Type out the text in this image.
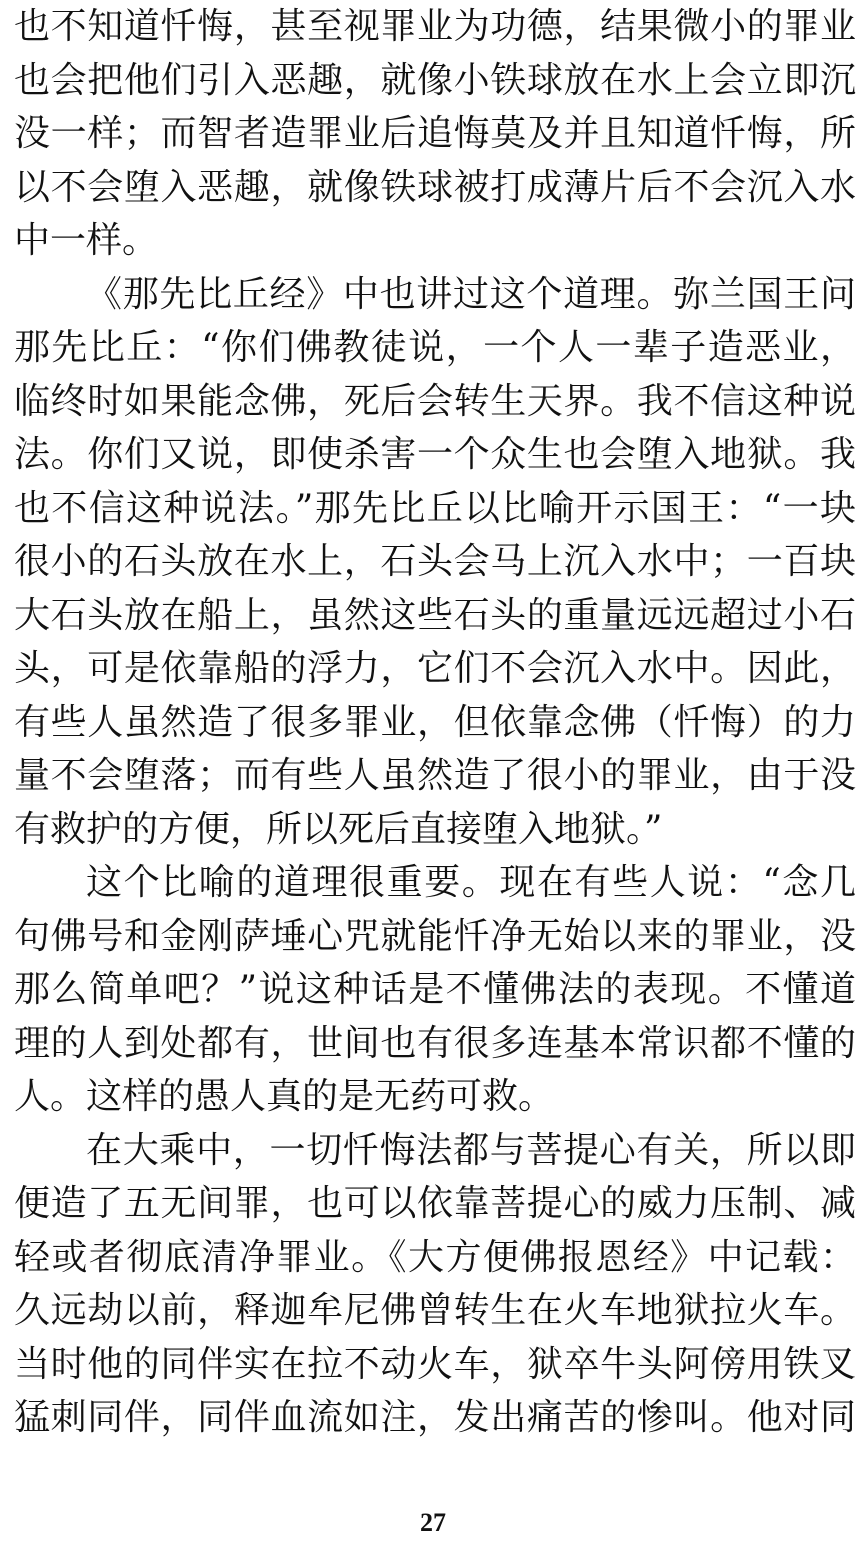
也不知道忏悔，甚至视罪业为功德，结果微小的罪业
也会把他们引入恶趣，就像小铁球放在水上会立即沉
没一样；而智者造罪业后追悔莫及并且知道忏悔，所
以不会堕入恶趣，就像铁球被打成薄片后不会沉入水
中一样。
《那先比丘经》中也讲过这个道理。弥兰国王问
那先比丘：“你们佛教徒说，一个人一辈子造恶业，
临终时如果能念佛，死后会转生天界。我不信这种说
法。你们又说，即使杀害一个众生也会堕入地狱。我
也不信这种说法。”那先比丘以比喻开示国王：“一块
很小的石头放在水上，石头会马上沉入水中；一百块
大石头放在船上，虽然这些石头的重量远远超过小石
头，可是依靠船的浮力，它们不会沉入水中。因此，
有些人虽然造了很多罪业，但依靠念佛（忏悔）的力
量不会堕落；而有些人虽然造了很小的罪业，由于没
有救护的方便，所以死后直接堕入地狱。”
这个比喻的道理很重要。现在有些人说：“念几
句佛号和金刚萨埵心咒就能忏净无始以来的罪业，没
那么简单吧？”说这种话是不懂佛法的表现。不懂道
理的人到处都有，世间也有很多连基本常识都不懂的
人。这样的愚人真的是无药可救。
在大乘中，一切忏悔法都与菩提心有关，所以即
便造了五无间罪，也可以依靠菩提心的威力压制、减
轻或者彻底清净罪业。《大方便佛报恩经》中记载：
久远劫以前，释迦牟尼佛曾转生在火车地狱拉火车。
当时他的同伴实在拉不动火车，狱卒牛头阿傍用铁叉
猛刺同伴，同伴血流如注，发出痛苦的惨叫。他对同
27
